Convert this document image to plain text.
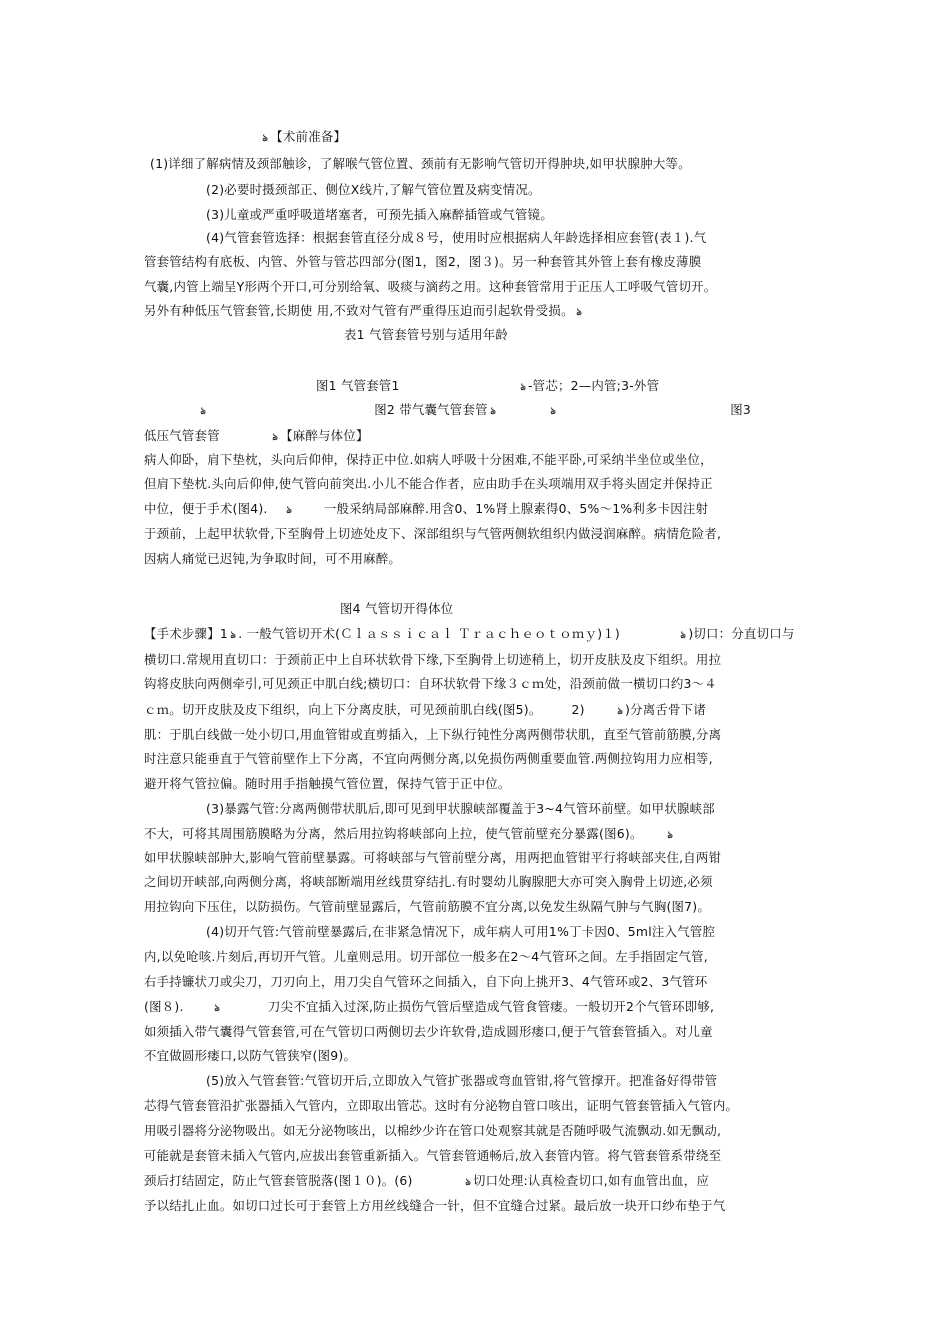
ঌ 【术前准备】
(1)详细了解病情及颈部触诊，了解喉气管位置、颈前有无影响气管切开得肿块,如甲状腺肿大等。
(2)必要时摄颈部正、侧位X线片,了解气管位置及病变情况。
(3)儿童或严重呼吸道堵塞者，可预先插入麻醉插管或气管镜。
(4)气管套管选择：根据套管直径分成８号，使用时应根据病人年龄选择相应套管(表１).气
管套管结构有底板、内管、外管与管芯四部分(图1，图2，图３)。另一种套管其外管上套有橡皮薄膜
气囊,内管上端呈Y形两个开口,可分别给氧、吸痰与滴药之用。这种套管常用于正压人工呼吸气管切开。
另外有种低压气管套管,长期使 用,不致对气管有严重得压迫而引起软骨受损。 ঌ
表1 气管套管号别与适用年龄
图1 气管套管1	ঌ -管芯；2—内管;3-外管
ঌ	图2 带气囊气管套管 ঌ	ঌ	图3
低压气管套管	ঌ 【麻醉与体位】
病人仰卧，肩下垫枕，头向后仰伸，保持正中位.如病人呼吸十分困难,不能平卧,可采纳半坐位或坐位，
但肩下垫枕.头向后仰伸,使气管向前突出.小儿不能合作者，应由助手在头项端用双手将头固定并保持正
中位，便于手术(图4). ঌ	一般采纳局部麻醉.用含0、1%肾上腺素得0、5%～1%利多卡因注射
于颈前，上起甲状软骨,下至胸骨上切迹处皮下、深部组织与气管两侧软组织内做浸润麻醉。病情危险者,
因病人痛觉已迟钝,为争取时间，可不用麻醉。
图4 气管切开得体位
【手术步骤】1 ঌ . 一般气管切开术(Ｃｌａｓｓｉｃａｌ Ｔｒａｃｈｅｏｔｏｍｙ)１)	ঌ )切口：分直切口与
横切口.常规用直切口：于颈前正中上自环状软骨下缘,下至胸骨上切迹稍上，切开皮肤及皮下组织。用拉
钩将皮肤向两侧牵引,可见颈正中肌白线;横切口：自环状软骨下缘３ｃｍ处，沿颈前做一横切口约3～４
ｃｍ。切开皮肤及皮下组织，向上下分离皮肤，可见颈前肌白线(图5)。 2)	ঌ )分离舌骨下诸
肌：于肌白线做一处小切口,用血管钳或直剪插入，上下纵行钝性分离两侧带状肌，直至气管前筋膜,分离
时注意只能垂直于气管前壁作上下分离，不宜向两侧分离,以免损伤两侧重要血管.两侧拉钩用力应相等,
避开将气管拉偏。随时用手指触摸气管位置，保持气管于正中位。
(3)暴露气管:分离两侧带状肌后,即可见到甲状腺峡部覆盖于3~4气管环前壁。如甲状腺峡部
不大，可将其周围筋膜略为分离，然后用拉钩将峡部向上拉，使气管前壁充分暴露(图6)。 ঌ
如甲状腺峡部肿大,影响气管前壁暴露。可将峡部与气管前壁分离，用两把血管钳平行将峡部夹住,自两钳
之间切开峡部,向两侧分离，将峡部断端用丝线贯穿结扎.有时婴幼儿胸腺肥大亦可突入胸骨上切迹,必须
用拉钩向下压住，以防损伤。气管前壁显露后，气管前筋膜不宜分离,以免发生纵隔气肿与气胸(图7)。
(4)切开气管:气管前壁暴露后,在非紧急情况下，成年病人可用1%丁卡因0、5ml注入气管腔
内,以免呛咳.片刻后,再切开气管。儿童则忌用。切开部位一般多在2～4气管环之间。左手指固定气管,
右手持镰状刀或尖刀，刀刃向上，用刀尖自气管环之间插入，自下向上挑开3、4气管环或2、3气管环
(图８).	ঌ	刀尖不宜插入过深,防止损伤气管后壁造成气管食管瘘。一般切开2个气管环即够,
如须插入带气囊得气管套管,可在气管切口两侧切去少许软骨,造成圆形瘘口,便于气管套管插入。对儿童
不宜做圆形瘘口,以防气管狭窄(图9)。
(5)放入气管套管:气管切开后,立即放入气管扩张器或弯血管钳,将气管撑开。把准备好得带管
芯得气管套管沿扩张器插入气管内，立即取出管芯。这时有分泌物自管口咳出，证明气管套管插入气管内。
用吸引器将分泌物吸出。如无分泌物咳出，以棉纱少许在管口处观察其就是否随呼吸气流飘动.如无飘动,
可能就是套管未插入气管内,应拔出套管重新插入。气管套管通畅后,放入套管内管。将气管套管系带绕至
颈后打结固定，防止气管套管脱落(图１０)。(6)	ঌ 切口处理:认真检查切口,如有血管出血，应
予以结扎止血。如切口过长可于套管上方用丝线缝合一针，但不宜缝合过紧。最后放一块开口纱布垫于气
